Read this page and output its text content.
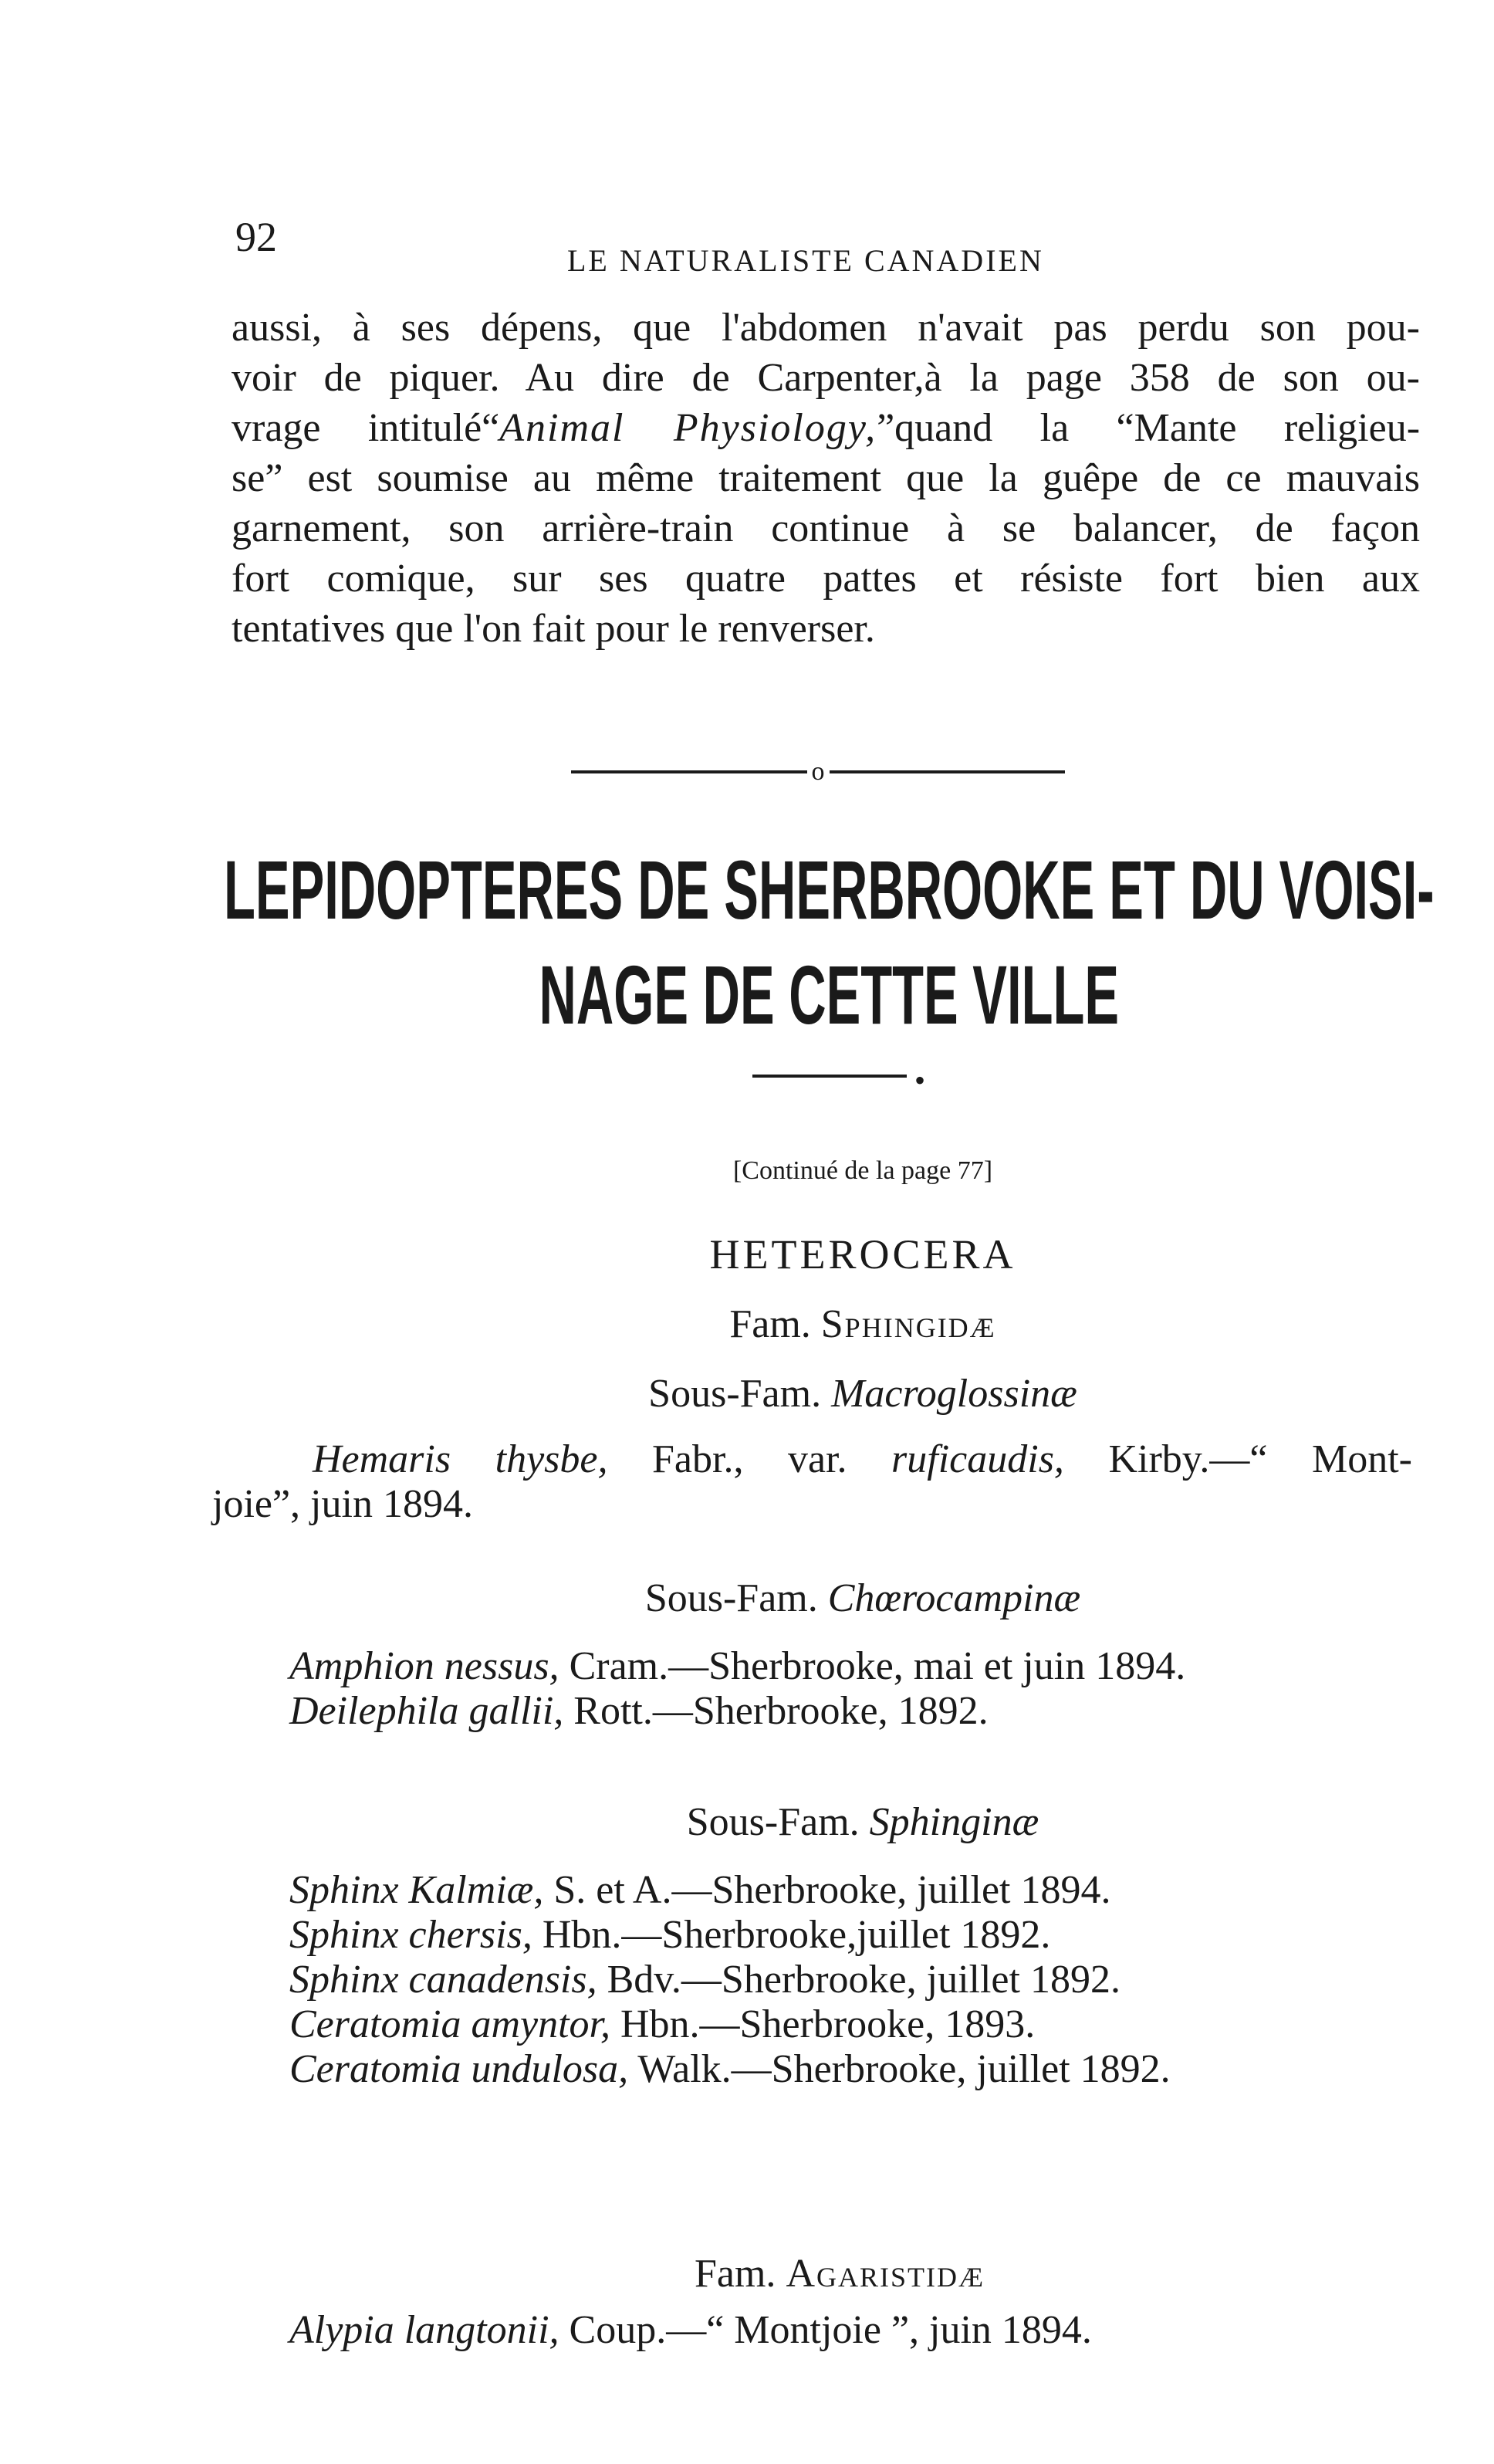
92
LE NATURALISTE CANADIEN
aussi, à ses dépens, que l'abdomen n'avait pas perdu son pou-
voir de piquer. Au dire de Carpenter,à la page 358 de son ou-
vrage intitulé“Animal Physiology,”quand la “Mante religieu-
se” est soumise au même traitement que la guêpe de ce mauvais
garnement, son arrière-train continue à se balancer, de façon
fort comique, sur ses quatre pattes et résiste fort bien aux
tentatives que l'on fait pour le renverser.
o
LEPIDOPTERES DE SHERBROOKE ET DU VOISI-
NAGE DE CETTE VILLE
•
[Continué de la page 77]
HETEROCERA
Fam. Sphingidæ
Sous-Fam. Macroglossinæ
Hemaris thysbe, Fabr., var. ruficaudis, Kirby.—“ Mont-
joie”, juin 1894.
Sous-Fam. Chœrocampinæ
Amphion nessus, Cram.—Sherbrooke, mai et juin 1894.
Deilephila gallii, Rott.—Sherbrooke, 1892.
Sous-Fam. Sphinginæ
Sphinx Kalmiæ, S. et A.—Sherbrooke, juillet 1894.
Sphinx chersis, Hbn.—Sherbrooke,juillet 1892.
Sphinx canadensis, Bdv.—Sherbrooke, juillet 1892.
Ceratomia amyntor, Hbn.—Sherbrooke, 1893.
Ceratomia undulosa, Walk.—Sherbrooke, juillet 1892.
Fam. Agaristidæ
Alypia langtonii, Coup.—“ Montjoie ”, juin 1894.
